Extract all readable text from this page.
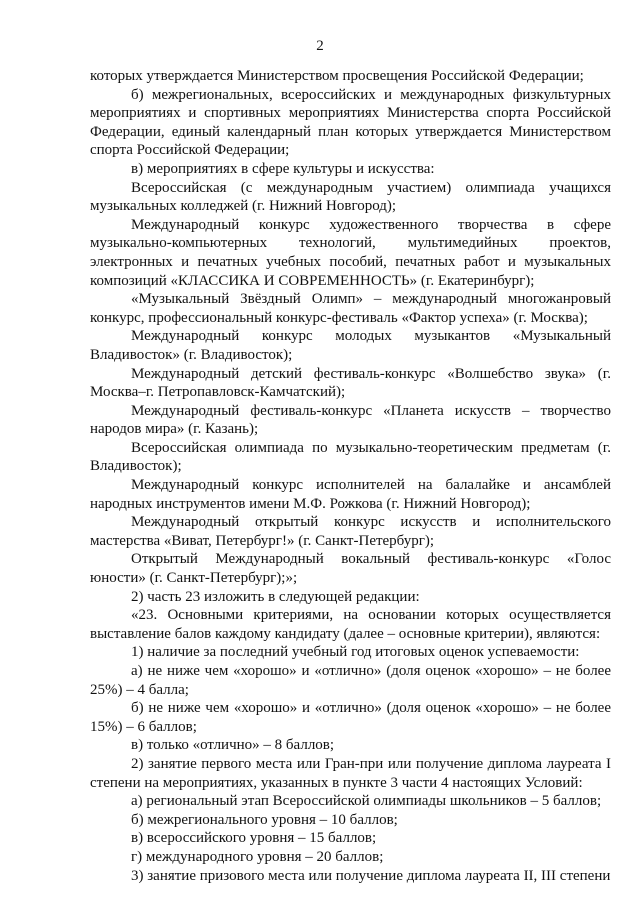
2

которых утверждается Министерством просвещения Российской Федерации;

б) межрегиональных, всероссийских и международных физкультурных мероприятиях и спортивных мероприятиях Министерства спорта Российской Федерации, единый календарный план которых утверждается Министерством спорта Российской Федерации;

в) мероприятиях в сфере культуры и искусства:

Всероссийская (с международным участием) олимпиада учащихся музыкальных колледжей (г. Нижний Новгород);

Международный конкурс художественного творчества в сфере музыкально-компьютерных технологий, мультимедийных проектов, электронных и печатных учебных пособий, печатных работ и музыкальных композиций «КЛАССИКА И СОВРЕМЕННОСТЬ» (г. Екатеринбург);

«Музыкальный Звёздный Олимп» – международный многожанровый конкурс, профессиональный конкурс-фестиваль «Фактор успеха» (г. Москва);

Международный конкурс молодых музыкантов «Музыкальный Владивосток» (г. Владивосток);

Международный детский фестиваль-конкурс «Волшебство звука» (г. Москва–г. Петропавловск-Камчатский);

Международный фестиваль-конкурс «Планета искусств – творчество народов мира» (г. Казань);

Всероссийская олимпиада по музыкально-теоретическим предметам (г. Владивосток);

Международный конкурс исполнителей на балалайке и ансамблей народных инструментов имени М.Ф. Рожкова (г. Нижний Новгород);

Международный открытый конкурс искусств и исполнительского мастерства «Виват, Петербург!» (г. Санкт-Петербург);

Открытый Международный вокальный фестиваль-конкурс «Голос юности» (г. Санкт-Петербург);»;

2) часть 23 изложить в следующей редакции:

«23. Основными критериями, на основании которых осуществляется выставление балов каждому кандидату (далее – основные критерии), являются:

1) наличие за последний учебный год итоговых оценок успеваемости:

а) не ниже чем «хорошо» и «отлично» (доля оценок «хорошо» – не более 25%) – 4 балла;

б) не ниже чем «хорошо» и «отлично» (доля оценок «хорошо» – не более 15%) – 6 баллов;

в) только «отлично» – 8 баллов;

2) занятие первого места или Гран-при или получение диплома лауреата I степени на мероприятиях, указанных в пункте 3 части 4 настоящих Условий:

а) региональный этап Всероссийской олимпиады школьников – 5 баллов;

б) межрегионального уровня – 10 баллов;

в) всероссийского уровня – 15 баллов;

г) международного уровня – 20 баллов;

3) занятие призового места или получение диплома лауреата II, III степени
